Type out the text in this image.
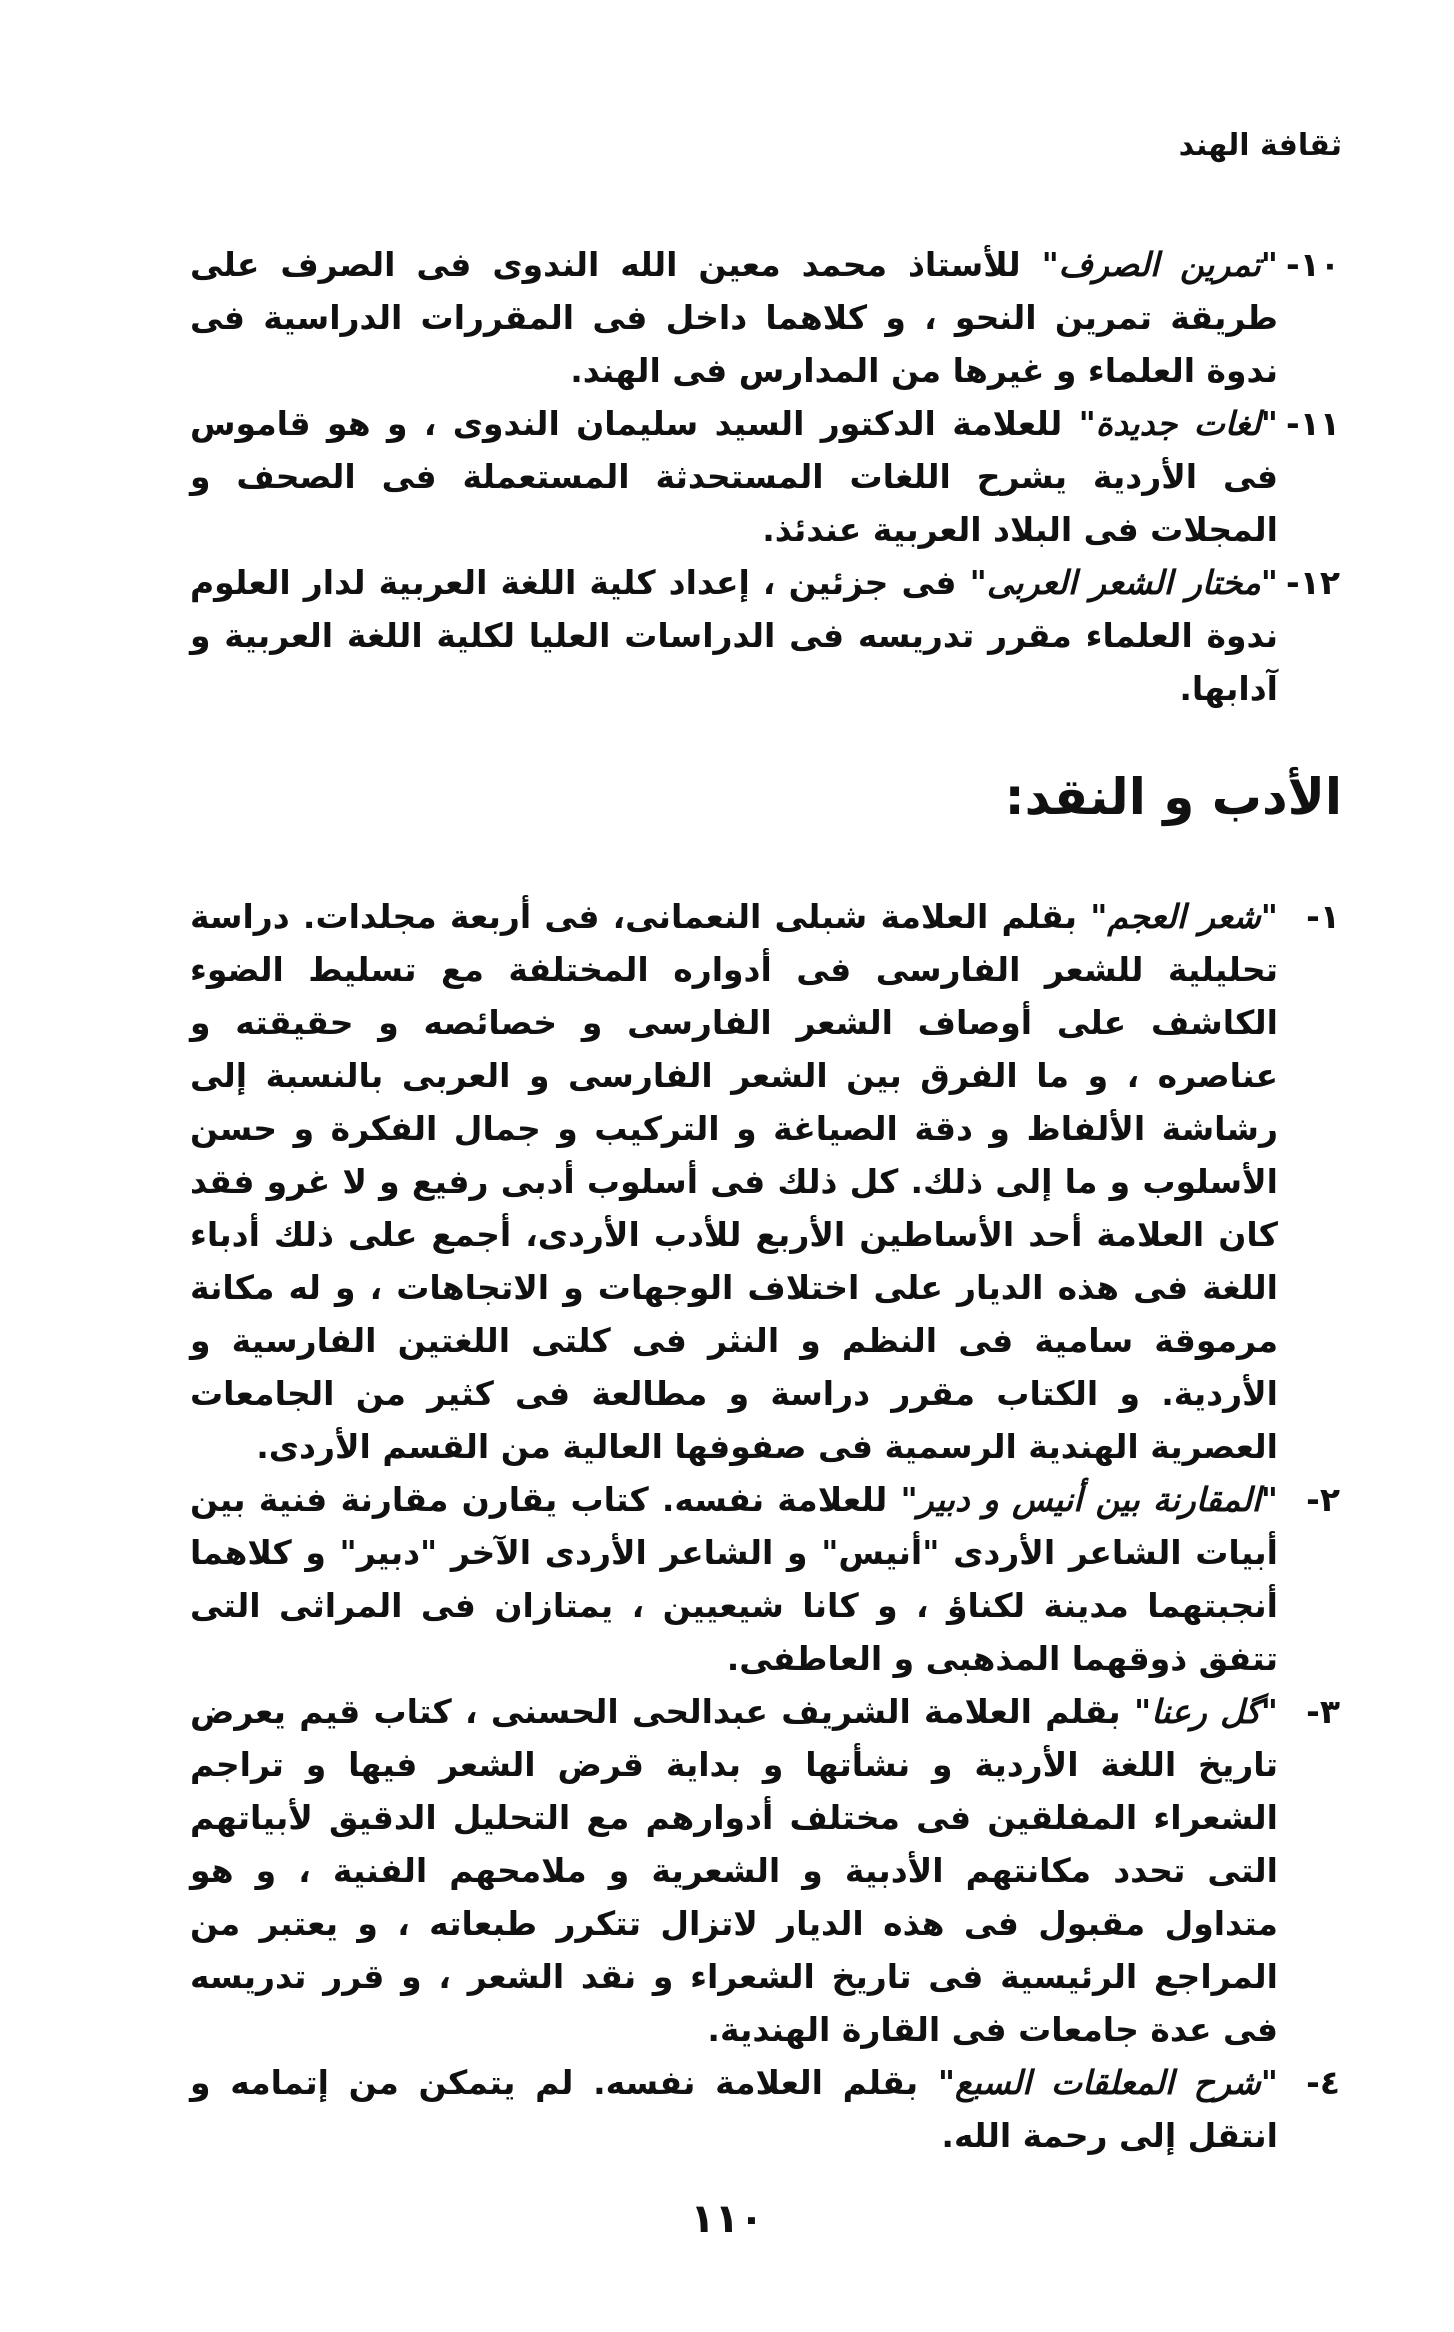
ثقافة الهند
١٠-
"تمرين الصرف" للأستاذ محمد معين الله الندوى فى الصرف على طريقة تمرين النحو ، و كلاهما داخل فى المقررات الدراسية فى ندوة العلماء و غيرها من المدارس فى الهند.
١١-
"لغات جديدة" للعلامة الدكتور السيد سليمان الندوى ، و هو قاموس فى الأردية يشرح اللغات المستحدثة المستعملة فى الصحف و المجلات فى البلاد العربية عندئذ.
١٢-
"مختار الشعر العربى" فى جزئين ، إعداد كلية اللغة العربية لدار العلوم ندوة العلماء مقرر تدريسه فى الدراسات العليا لكلية اللغة العربية و آدابها.
الأدب و النقد:
١-
"شعر العجم" بقلم العلامة شبلى النعمانى، فى أربعة مجلدات. دراسة تحليلية للشعر الفارسى فى أدواره المختلفة مع تسليط الضوء الكاشف على أوصاف الشعر الفارسى و خصائصه و حقيقته و عناصره ، و ما الفرق بين الشعر الفارسى و العربى بالنسبة إلى رشاشة الألفاظ و دقة الصياغة و التركيب و جمال الفكرة و حسن الأسلوب و ما إلى ذلك. كل ذلك فى أسلوب أدبى رفيع و لا غرو فقد كان العلامة أحد الأساطين الأربع للأدب الأردى، أجمع على ذلك أدباء اللغة فى هذه الديار على اختلاف الوجهات و الاتجاهات ، و له مكانة مرموقة سامية فى النظم و النثر فى كلتى اللغتين الفارسية و الأردية. و الكتاب مقرر دراسة و مطالعة فى كثير من الجامعات العصرية الهندية الرسمية فى صفوفها العالية من القسم الأردى.
٢-
"المقارنة بين أنيس و دبير" للعلامة نفسه. كتاب يقارن مقارنة فنية بين أبيات الشاعر الأردى "أنيس" و الشاعر الأردى الآخر "دبير" و كلاهما أنجبتهما مدينة لكناؤ ، و كانا شيعيين ، يمتازان فى المراثى التى تتفق ذوقهما المذهبى و العاطفى.
٣-
"گل رعنا" بقلم العلامة الشريف عبدالحى الحسنى ، كتاب قيم يعرض تاريخ اللغة الأردية و نشأتها و بداية قرض الشعر فيها و تراجم الشعراء المفلقين فى مختلف أدوارهم مع التحليل الدقيق لأبياتهم التى تحدد مكانتهم الأدبية و الشعرية و ملامحهم الفنية ، و هو متداول مقبول فى هذه الديار لاتزال تتكرر طبعاته ، و يعتبر من المراجع الرئيسية فى تاريخ الشعراء و نقد الشعر ، و قرر تدريسه فى عدة جامعات فى القارة الهندية.
٤-
"شرح المعلقات السبع" بقلم العلامة نفسه. لم يتمكن من إتمامه و انتقل إلى رحمة الله.
١١٠
